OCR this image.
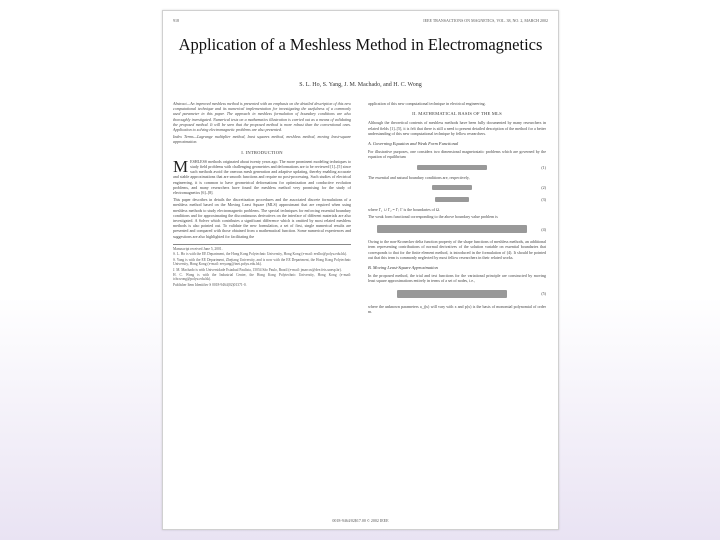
918	IEEE TRANSACTIONS ON MAGNETICS, VOL. 38, NO. 2, MARCH 2002
Application of a Meshless Method in Electromagnetics
S. L. Ho, S. Yang, J. M. Machado, and H. C. Wong

Abstract—An improved meshless method is presented with an emphasis on the detailed description of this new computational technique and its numerical implementation for investigating the usefulness of a commonly used parameter in this paper. The approach in meshless formulation of boundary conditions are also thoroughly investigated. Numerical tests on a mathematics illustration is carried out as a means of validating the proposed method. It will be seen that the proposed method is more robust than the conventional ones. Application to solving electromagnetic problems are also presented.

Index Terms—Lagrange multiplier method, least squares method, meshless method, moving least-square approximation.

I. INTRODUCTION

M ESHLESS methods originated about twenty years ago. The more prominent modeling techniques to study field problems with challenging geometries and deformations are to be reviewed [1]–[5] since such methods avoid the onerous mesh generation and adaptive updating, thereby enabling accurate and stable approximations that are smooth functions and require no post-processing. Such studies of electrical engineering, it is common to have geometrical deformations for optimization and conductive evolution problems, and many researchers have found the meshless method very promising for the study of electromagnetics [6]–[8].

This paper describes in details the discretization procedures and the associated discrete formulations of a meshless method based on the Moving Least Square (MLS) approximant that are required when using meshless methods to study electromagnetic problems. The special techniques for enforcing essential boundary conditions and for approximating the discontinuous derivatives on the interface of different materials are also investigated. A Solver which contributes a significant difference which is omitted by most related meshless methods is also pointed out. To validate the new formulation, a set of first, single numerical results are presented and compared with those obtained from a mathematical function. Some numerical experiences and suggestions are also highlighted for facilitating the

Manuscript received June 5, 2001.
S. L. Ho is with the EE Department, the Hong Kong Polytechnic University, Hong Kong (e-mail: eeslho@polyu.edu.hk).
S. Yang is with the EE Department, Zhejiang University, and is now with the EE Department, the Hong Kong Polytechnic University, Hong Kong (e-mail: eesyang@inet.polyu.edu.hk).
J. M. Machado is with Universidade Estadual Paulista, 15054 São Paulo, Brazil (e-mail: jmarcos@dee.feis.unesp.br).
H. C. Wong is with the Industrial Center, the Hong Kong Polytechnic University, Hong Kong (e-mail: ichcwong@polyu.edu.hk).
Publisher Item Identifier S 0018-9464(02)01371-0.

application of this new computational technique in electrical engineering.

II. MATHEMATICAL BASIS OF THE MLS

Although the theoretical contents of meshless methods have been fully documented by many researchers in related fields [1]–[5], it is felt that there is still a need to present detailed description of the method for a better understanding of this new computational technique by fellow researchers.

A. Governing Equation and Weak Form Functional

For illustrative purposes, one considers two dimensional magnetostatic problems which are governed by the equation of equilibrium

(1)

The essential and natural boundary conditions are, respectively,

(2)
(3)

where Γ₁ ∪ Γ₂ = Γ; Γ is the boundaries of Ω.

The weak form functional corresponding to the above boundary value problem is

(4)

Owing to the non-Kronecker delta function property of the shape functions of meshless methods, an additional term representing contributions of normal derivatives of the solution variable on essential boundaries that corresponds to that for the finite element method, is introduced in the formulation of (4). It should be pointed out that this term is commonly neglected by most fellow researchers in their related works.

B. Moving Least-Square Approximation

In the proposed method, the trial and test functions for the variational principle are constructed by moving least square approximations entirely in terms of a set of nodes, i.e.,

(5)

where the unknown parameters a_j(x) will vary with x and p(x) is the basis of monomial polynomial of order m.

0018-9464/02$17.00 © 2002 IEEE
